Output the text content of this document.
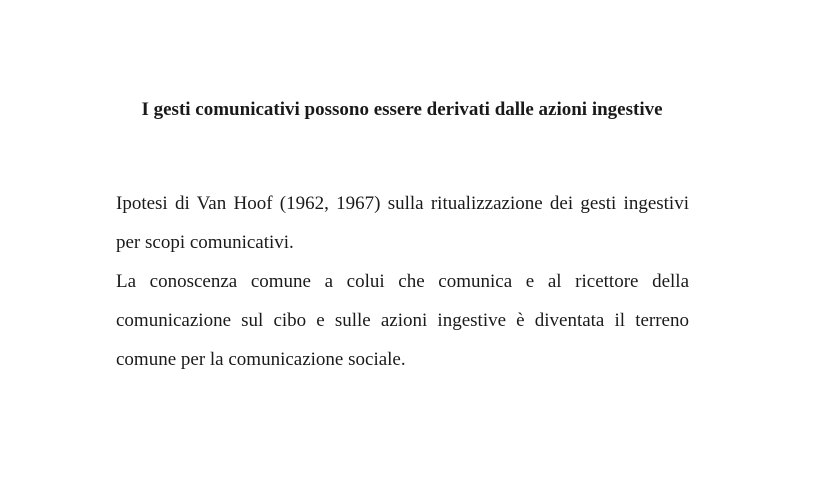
I gesti comunicativi possono essere derivati dalle azioni ingestive

Ipotesi di Van Hoof (1962, 1967) sulla ritualizzazione dei gesti ingestivi per scopi comunicativi.

La conoscenza comune a colui che comunica e al ricettore della comunicazione sul cibo e sulle azioni ingestive è diventata il terreno comune per la comunicazione sociale.
